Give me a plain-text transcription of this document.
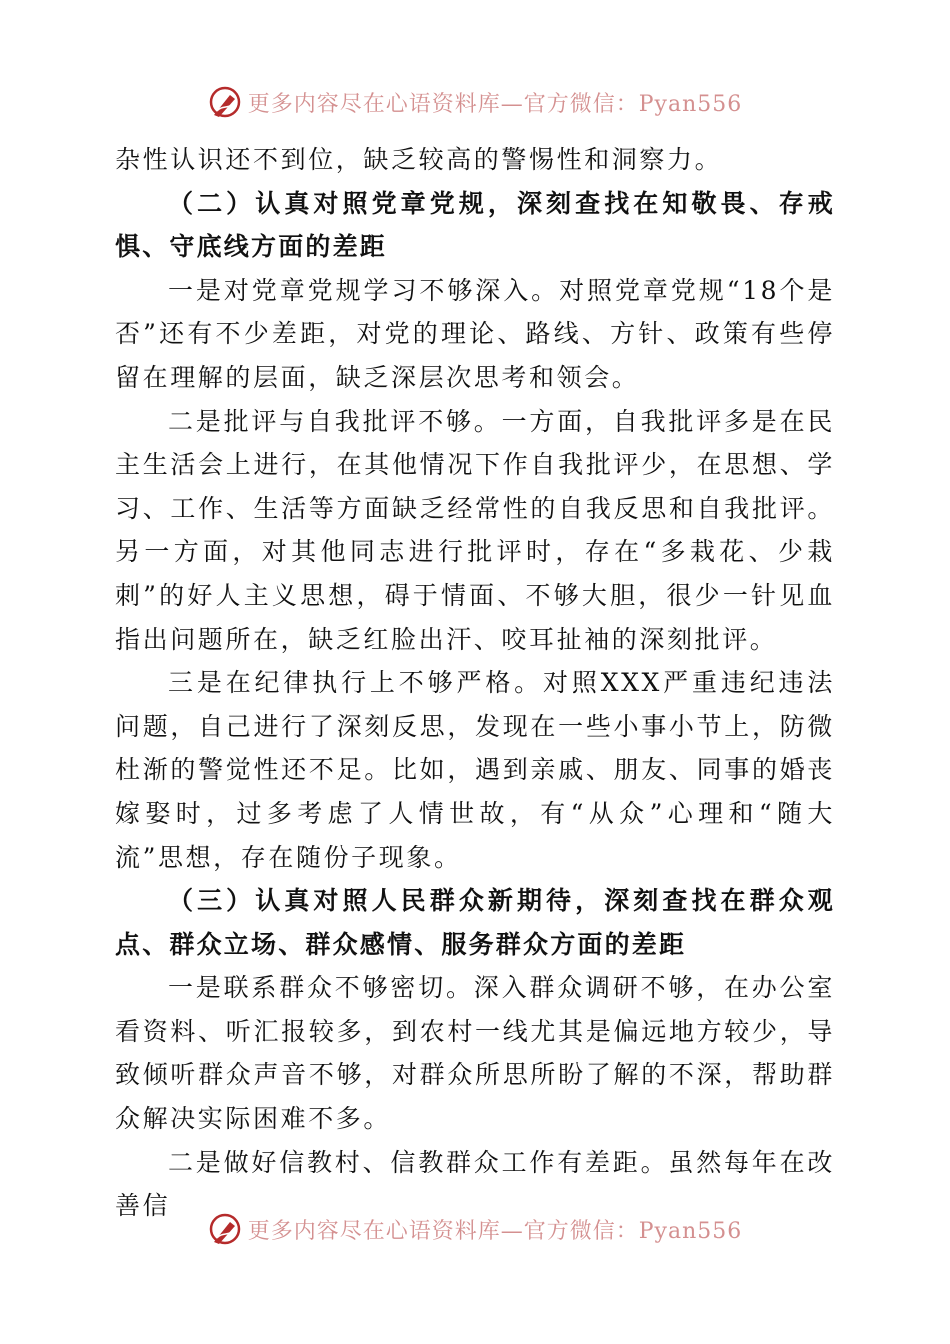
更多内容尽在心语资料库—官方微信：Pyan556

杂性认识还不到位，缺乏较高的警惕性和洞察力。

（二）认真对照党章党规，深刻查找在知敬畏、存戒惧、守底线方面的差距

一是对党章党规学习不够深入。对照党章党规“18个是否”还有不少差距，对党的理论、路线、方针、政策有些停留在理解的层面，缺乏深层次思考和领会。

二是批评与自我批评不够。一方面，自我批评多是在民主生活会上进行，在其他情况下作自我批评少，在思想、学习、工作、生活等方面缺乏经常性的自我反思和自我批评。另一方面，对其他同志进行批评时，存在“多栽花、少栽刺”的好人主义思想，碍于情面、不够大胆，很少一针见血指出问题所在，缺乏红脸出汗、咬耳扯袖的深刻批评。

三是在纪律执行上不够严格。对照XXX严重违纪违法问题，自己进行了深刻反思，发现在一些小事小节上，防微杜渐的警觉性还不足。比如，遇到亲戚、朋友、同事的婚丧嫁娶时，过多考虑了人情世故，有“从众”心理和“随大流”思想，存在随份子现象。

（三）认真对照人民群众新期待，深刻查找在群众观点、群众立场、群众感情、服务群众方面的差距

一是联系群众不够密切。深入群众调研不够，在办公室看资料、听汇报较多，到农村一线尤其是偏远地方较少，导致倾听群众声音不够，对群众所思所盼了解的不深，帮助群众解决实际困难不多。

二是做好信教村、信教群众工作有差距。虽然每年在改善信

更多内容尽在心语资料库—官方微信：Pyan556
